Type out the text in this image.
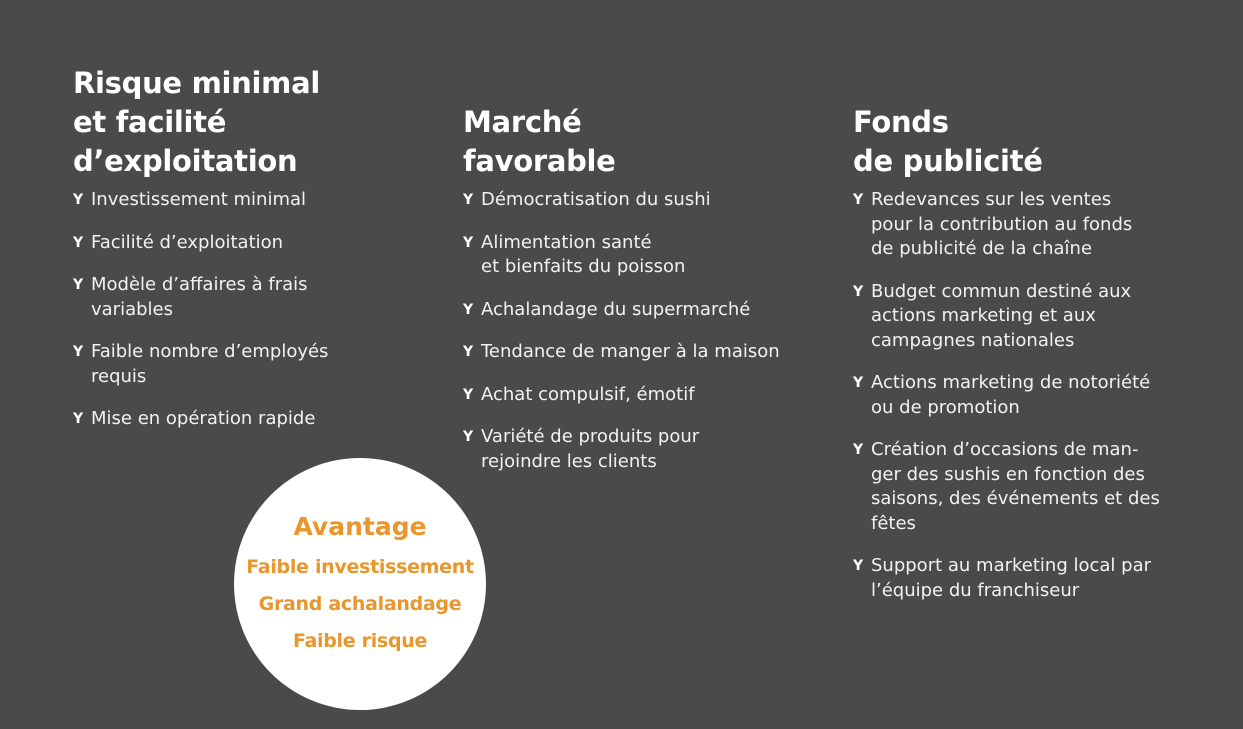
Risque minimal
et facilité
d’exploitation
Y Investissement minimal
Y Facilité d’exploitation
Y Modèle d’affaires à frais
variables
Y Faible nombre d’employés
requis
Y Mise en opération rapide
Marché
favorable
Y Démocratisation du sushi
Y Alimentation santé
et bienfaits du poisson
Y Achalandage du supermarché
Y Tendance de manger à la maison
Y Achat compulsif, émotif
Y Variété de produits pour
rejoindre les clients
Fonds
de publicité
Y Redevances sur les ventes
pour la contribution au fonds
de publicité de la chaîne
Y Budget commun destiné aux
actions marketing et aux
campagnes nationales
Y Actions marketing de notoriété
ou de promotion
Y Création d’occasions de man-
ger des sushis en fonction des
saisons, des événements et des
fêtes
Y Support au marketing local par
l’équipe du franchiseur
Avantage
Faible investissement
Grand achalandage
Faible risque
